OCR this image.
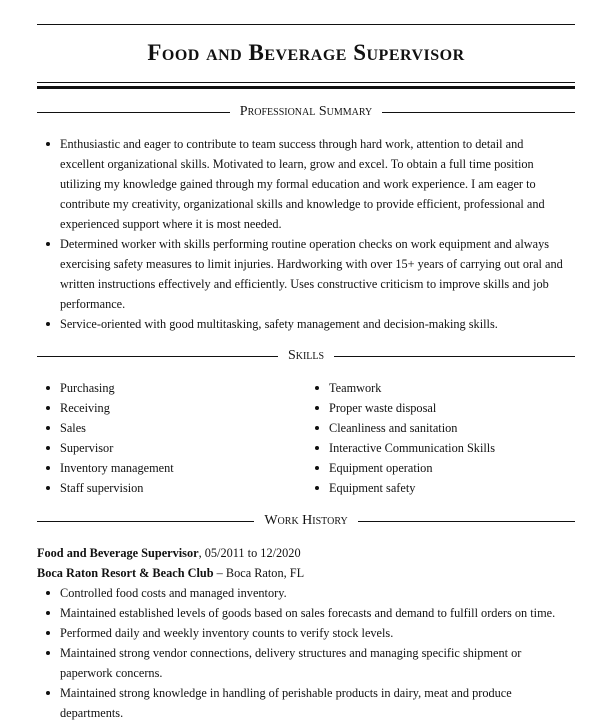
Food and Beverage Supervisor
Professional Summary
Enthusiastic and eager to contribute to team success through hard work, attention to detail and excellent organizational skills. Motivated to learn, grow and excel. To obtain a full time position utilizing my knowledge gained through my formal education and work experience. I am eager to contribute my creativity, organizational skills and knowledge to provide efficient, professional and experienced support where it is most needed.
Determined worker with skills performing routine operation checks on work equipment and always exercising safety measures to limit injuries. Hardworking with over 15+ years of carrying out oral and written instructions effectively and efficiently. Uses constructive criticism to improve skills and job performance.
Service-oriented with good multitasking, safety management and decision-making skills.
Skills
Purchasing
Receiving
Sales
Supervisor
Inventory management
Staff supervision
Teamwork
Proper waste disposal
Cleanliness and sanitation
Interactive Communication Skills
Equipment operation
Equipment safety
Work History
Food and Beverage Supervisor, 05/2011 to 12/2020
Boca Raton Resort & Beach Club – Boca Raton, FL
Controlled food costs and managed inventory.
Maintained established levels of goods based on sales forecasts and demand to fulfill orders on time.
Performed daily and weekly inventory counts to verify stock levels.
Maintained strong vendor connections, delivery structures and managing specific shipment or paperwork concerns.
Maintained strong knowledge in handling of perishable products in dairy, meat and produce departments.
